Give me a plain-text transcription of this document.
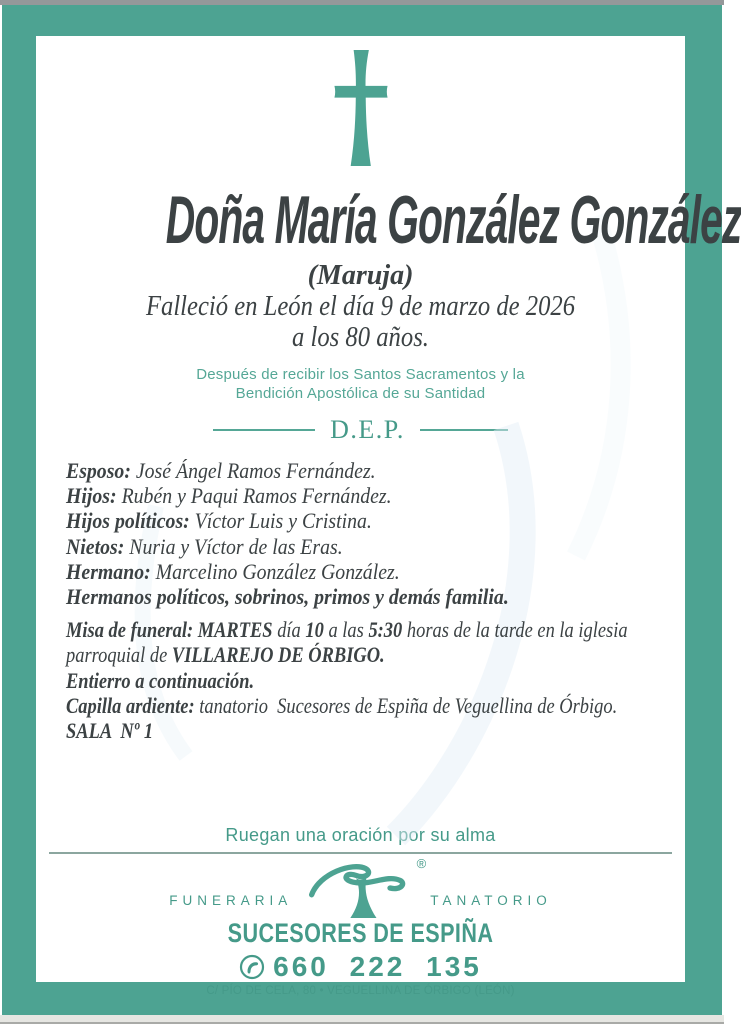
Doña María González González
(Maruja)
Falleció en León el día 9 de marzo de 2026
a los 80 años.
Después de recibir los Santos Sacramentos y la
Bendición Apostólica de su Santidad
D.E.P.
Esposo: José Ángel Ramos Fernández.
Hijos: Rubén y Paqui Ramos Fernández.
Hijos políticos: Víctor Luis y Cristina.
Nietos: Nuria y Víctor de las Eras.
Hermano: Marcelino González González.
Hermanos políticos, sobrinos, primos y demás familia.
Misa de funeral: MARTES día 10 a las 5:30 horas de la tarde en la iglesia
parroquial de VILLAREJO DE ÓRBIGO.
Entierro a continuación.
Capilla ardiente: tanatorio  Sucesores de Espiña de Veguellina de Órbigo.
SALA  Nº 1
Ruegan una oración por su alma
FUNERARIA
®
TANATORIO
SUCESORES DE ESPIÑA
660 222 135
C/ PÍO DE CELA, 80 • VEGUELLINA DE ÓRBIGO (LEÓN)
